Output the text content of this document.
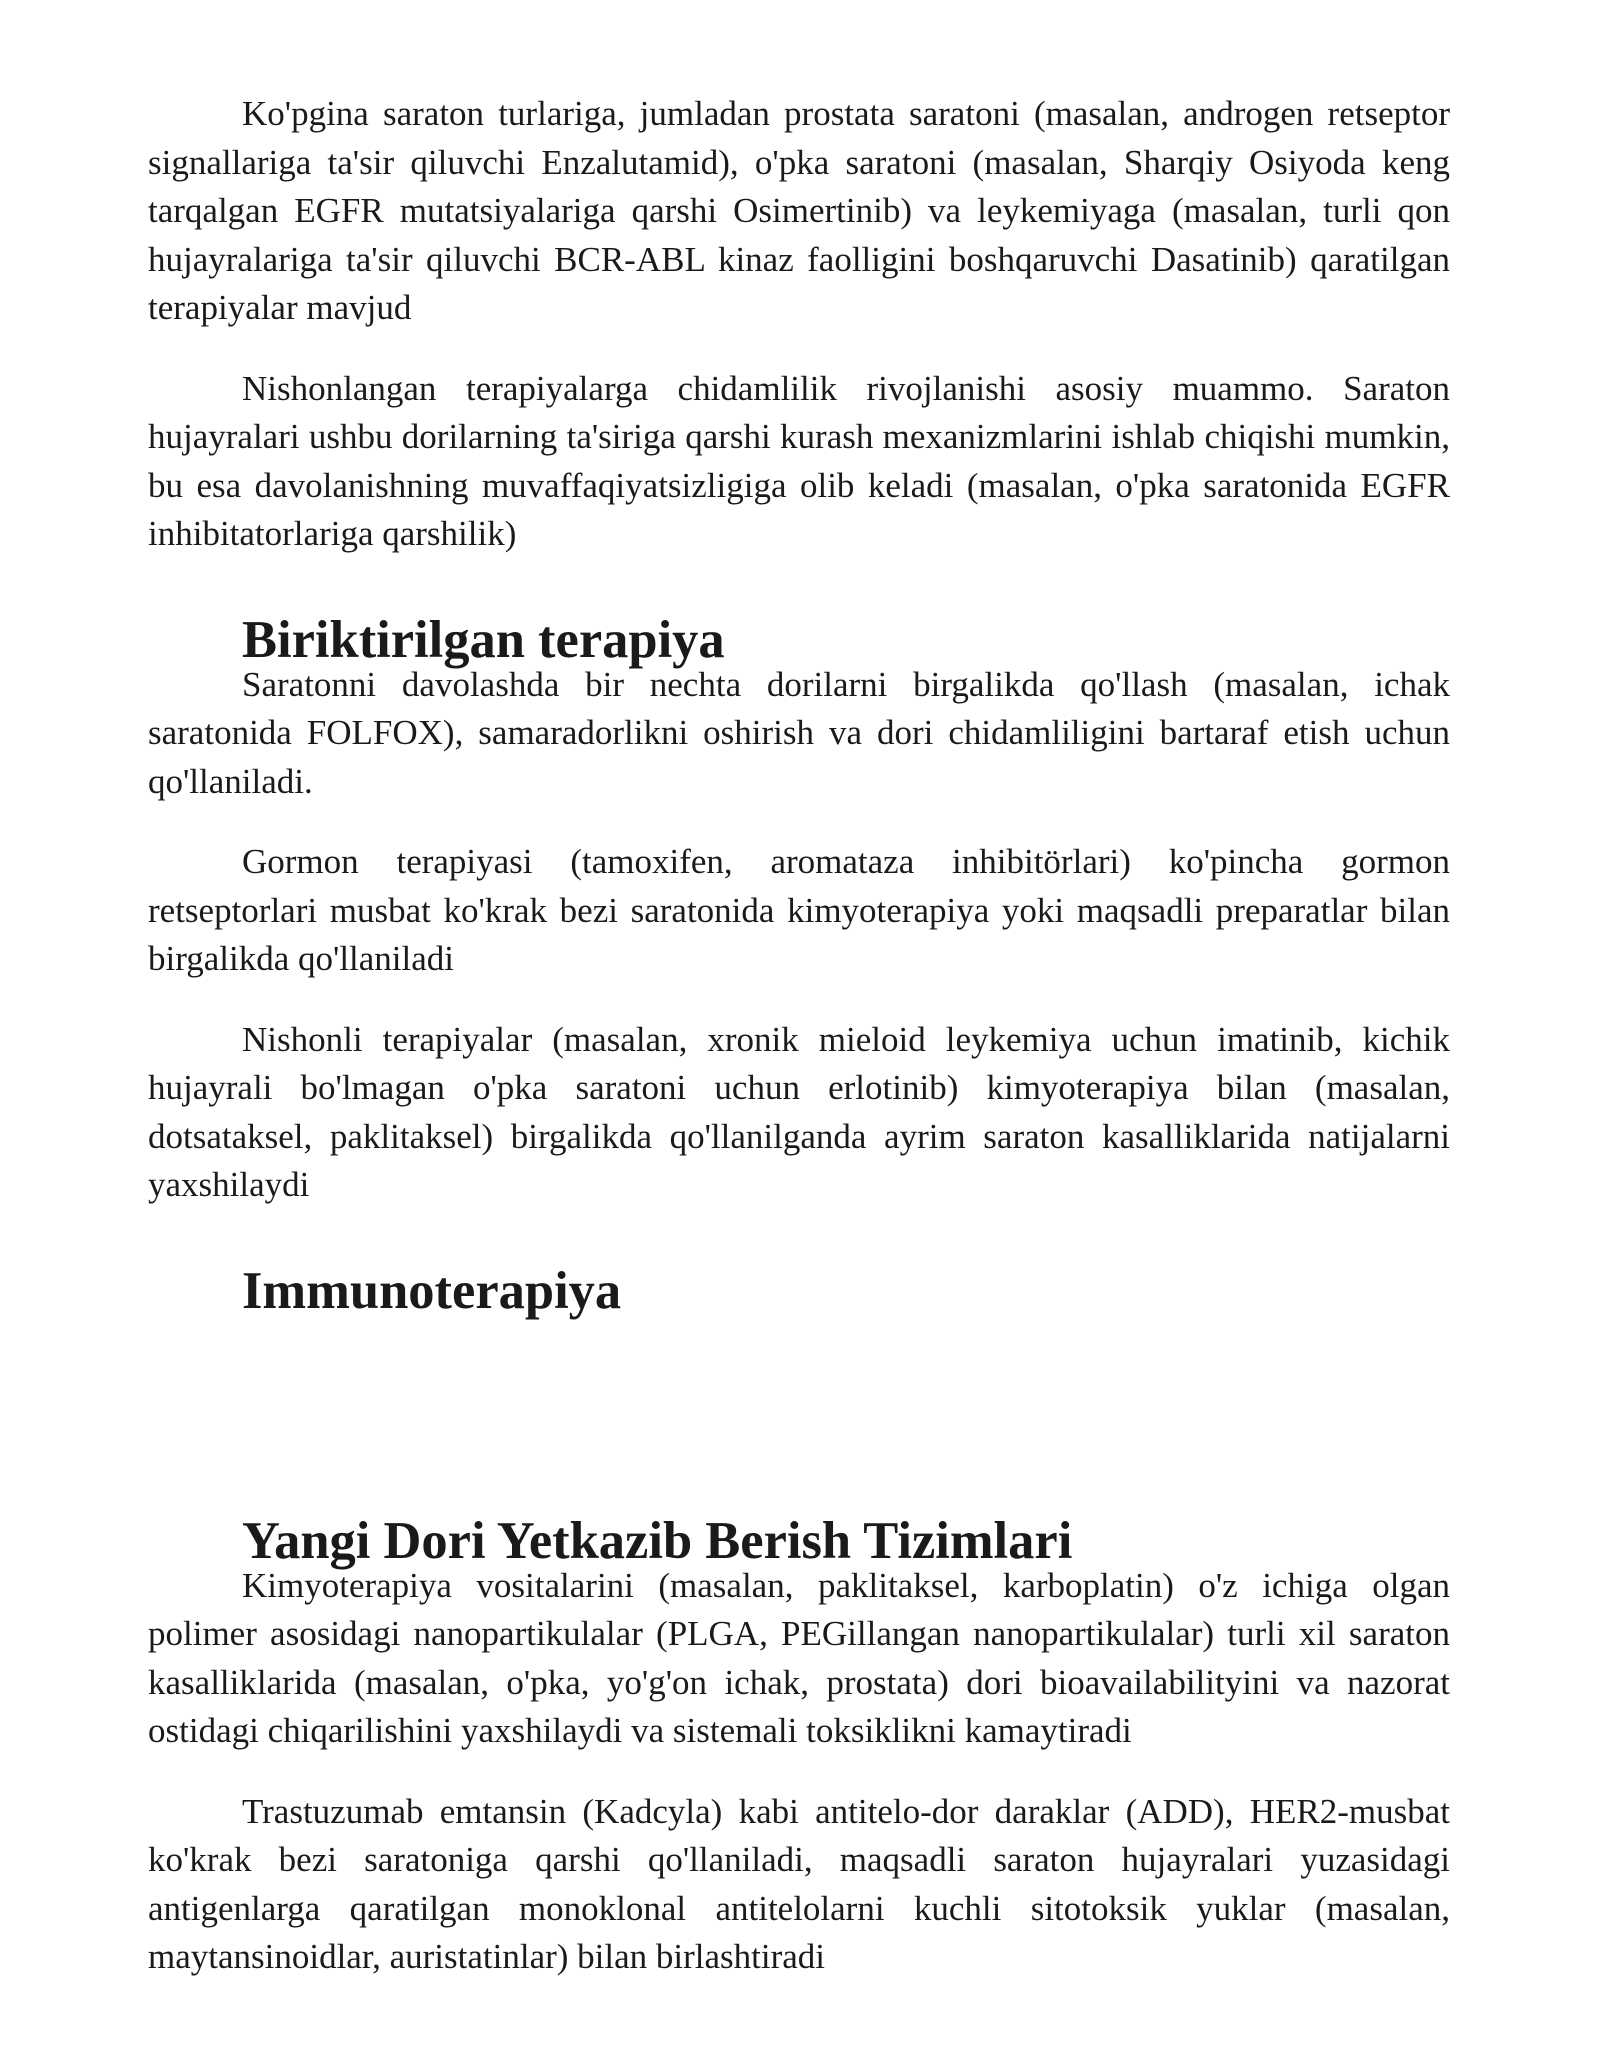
Ko'pgina saraton turlariga, jumladan prostata saratoni (masalan, androgen retseptor signallariga ta'sir qiluvchi Enzalutamid), o'pka saratoni (masalan, Sharqiy Osiyoda keng tarqalgan EGFR mutatsiyalariga qarshi Osimertinib) va leykemiyaga (masalan, turli qon hujayralariga ta'sir qiluvchi BCR-ABL kinaz faolligini boshqaruvchi Dasatinib) qaratilgan terapiyalar mavjud

Nishonlangan terapiyalarga chidamlilik rivojlanishi asosiy muammo. Saraton hujayralari ushbu dorilarning ta'siriga qarshi kurash mexanizmlarini ishlab chiqishi mumkin, bu esa davolanishning muvaffaqiyatsizligiga olib keladi (masalan, o'pka saratonida EGFR inhibitatorlariga qarshilik)

Biriktirilgan terapiya

Saratonni davolashda bir nechta dorilarni birgalikda qo'llash (masalan, ichak saratonida FOLFOX), samaradorlikni oshirish va dori chidamliligini bartaraf etish uchun qo'llaniladi.

Gormon terapiyasi (tamoxifen, aromataza inhibitörlari) ko'pincha gormon retseptorlari musbat ko'krak bezi saratonida kimyoterapiya yoki maqsadli preparatlar bilan birgalikda qo'llaniladi

Nishonli terapiyalar (masalan, xronik mieloid leykemiya uchun imatinib, kichik hujayrali bo'lmagan o'pka saratoni uchun erlotinib) kimyoterapiya bilan (masalan, dotsataksel, paklitaksel) birgalikda qo'llanilganda ayrim saraton kasalliklarida natijalarni yaxshilaydi

Immunoterapiya
Yangi Dori Yetkazib Berish Tizimlari

Kimyoterapiya vositalarini (masalan, paklitaksel, karboplatin) o'z ichiga olgan polimer asosidagi nanopartikulalar (PLGA, PEGillangan nanopartikulalar) turli xil saraton kasalliklarida (masalan, o'pka, yo'g'on ichak, prostata) dori bioavailabilityini va nazorat ostidagi chiqarilishini yaxshilaydi va sistemali toksiklikni kamaytiradi

Trastuzumab emtansin (Kadcyla) kabi antitelo-dor daraklar (ADD), HER2-musbat ko'krak bezi saratoniga qarshi qo'llaniladi, maqsadli saraton hujayralari yuzasidagi antigenlarga qaratilgan monoklonal antitelolarni kuchli sitotoksik yuklar (masalan, maytansinoidlar, auristatinlar) bilan birlashtiradi
